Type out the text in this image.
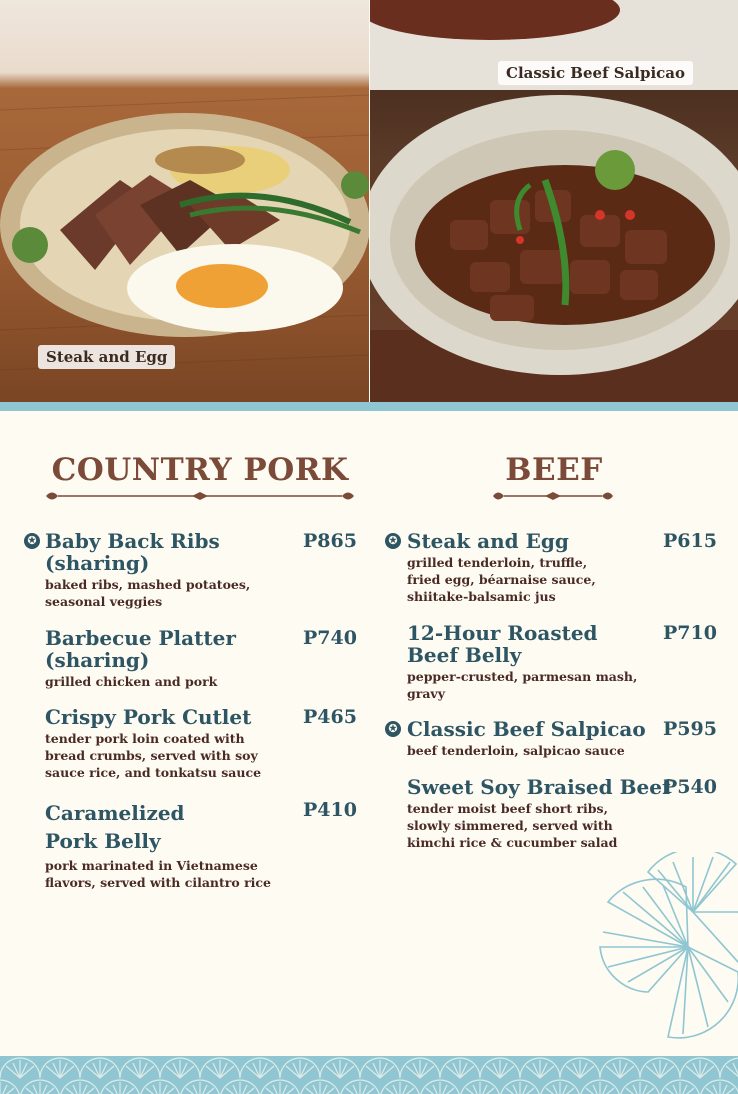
Steak and Egg
Classic Beef Salpicao
COUNTRY PORK	BEEF
✪ Baby Back Ribs
(sharing)
P865
baked ribs, mashed potatoes,
seasonal veggies
Barbecue Platter
(sharing)
P740
grilled chicken and pork
Crispy Pork Cutlet	P465
tender pork loin coated with
bread crumbs, served with soy
sauce rice, and tonkatsu sauce
Caramelized
Pork Belly
P410
pork marinated in Vietnamese
flavors, served with cilantro rice
✪ Steak and Egg	P615
grilled tenderloin, truffle,
fried egg, béarnaise sauce,
shiitake-balsamic jus
12-Hour Roasted
Beef Belly
P710
pepper-crusted, parmesan mash,
gravy
✪ Classic Beef Salpicao P595
beef tenderloin, salpicao sauce
Sweet Soy Braised Beef
P540
tender moist beef short ribs,
slowly simmered, served with
kimchi rice & cucumber salad
